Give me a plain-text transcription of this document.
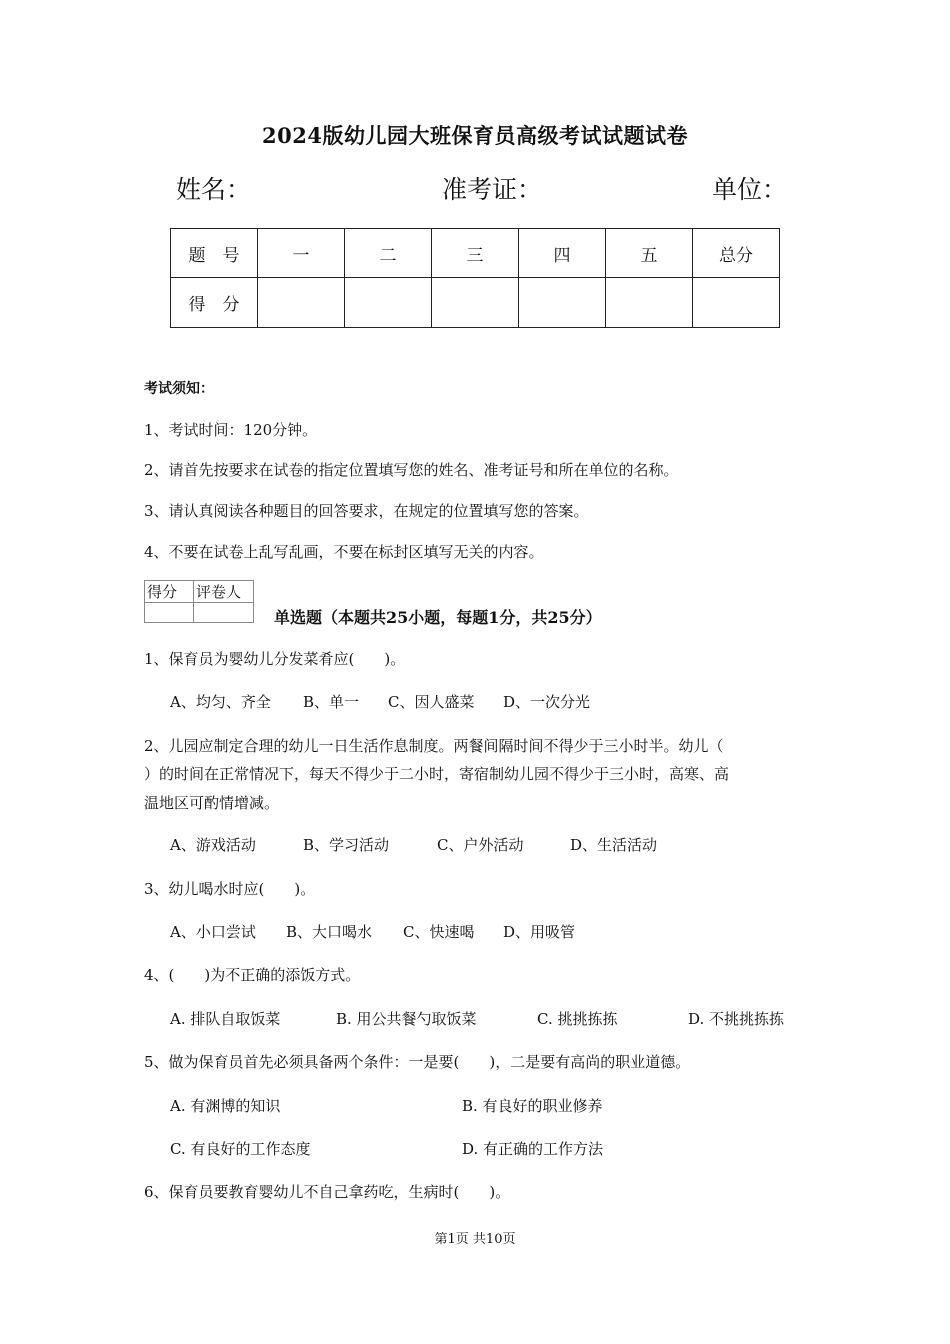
2024版幼儿园大班保育员高级考试试题试卷
姓名：	准考证：	单位：
题　号	一	二	三	四	五	总分
得　分						
考试须知：
1、考试时间：120分钟。
2、请首先按要求在试卷的指定位置填写您的姓名、准考证号和所在单位的名称。
3、请认真阅读各种题目的回答要求，在规定的位置填写您的答案。
4、不要在试卷上乱写乱画，不要在标封区填写无关的内容。
得分	评卷人

单选题（本题共25小题，每题1分，共25分）
1、保育员为婴幼儿分发菜肴应(　　)。
A、均匀、齐全 B、单一 C、因人盛菜 D、一次分光
2、儿园应制定合理的幼儿一日生活作息制度。两餐间隔时间不得少于三小时半。幼儿（
）的时间在正常情况下，每天不得少于二小时，寄宿制幼儿园不得少于三小时，高寒、高
温地区可酌情增减。
A、游戏活动	B、学习活动	C、户外活动	D、生活活动
3、幼儿喝水时应(　　)。
A、小口尝试 B、大口喝水 C、快速喝 D、用吸管
4、(　　)为不正确的添饭方式。
A. 排队自取饭菜	B. 用公共餐勺取饭菜	C. 挑挑拣拣	D. 不挑挑拣拣
5、做为保育员首先必须具备两个条件：一是要(　　)，二是要有高尚的职业道德。
A. 有渊博的知识	B. 有良好的职业修养
C. 有良好的工作态度	D. 有正确的工作方法
6、保育员要教育婴幼儿不自己拿药吃，生病时(　　)。
第1页 共10页
